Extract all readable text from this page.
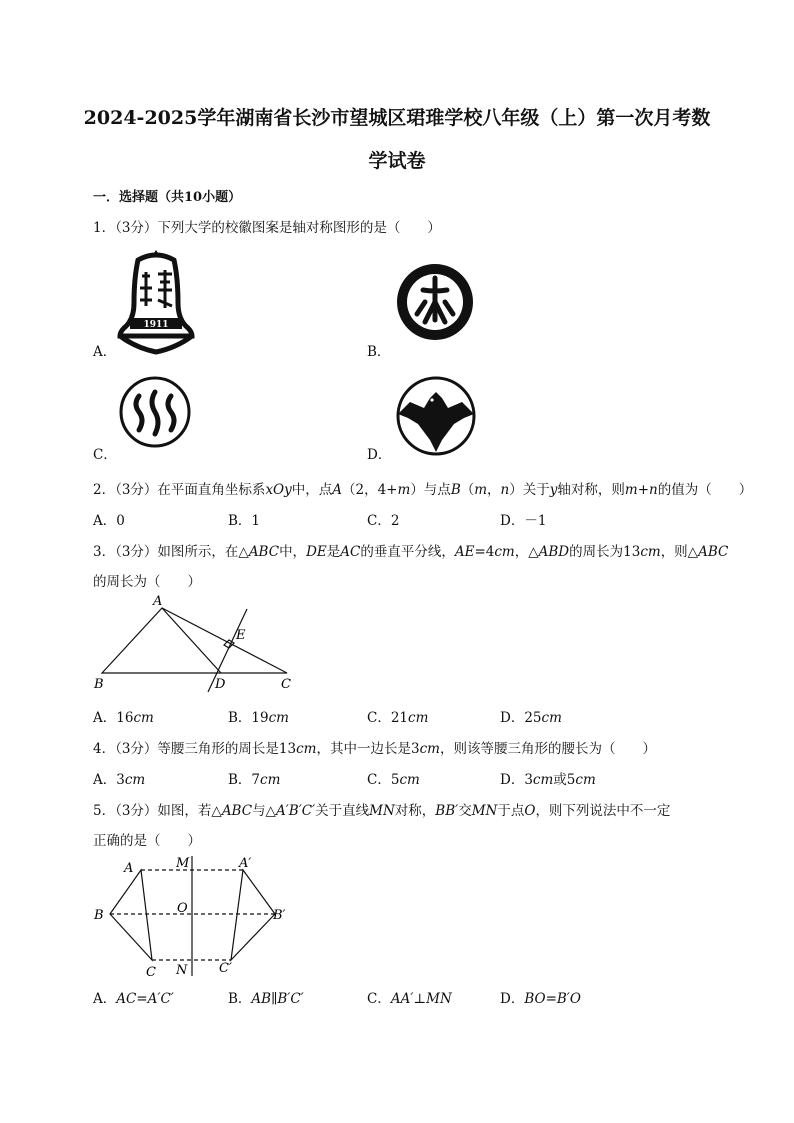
2024-2025学年湖南省长沙市望城区珺琟学校八年级（上）第一次月考数
学试卷
一．选择题（共10小题）
1．（3分）下列大学的校徽图案是轴对称图形的是（　　）
A．
1911
B．
C．	D．
2．（3分）在平面直角坐标系xOy中，点A（2，4+m）与点B（m，n）关于y轴对称，则m+n的值为（　　）
A．0	B．1	C．2	D．－1
3．（3分）如图所示，在△ABC中，DE是AC的垂直平分线，AE=4cm，△ABD的周长为13cm，则△ABC
的周长为（　　）
A
B	C
D
E
A．16cm	B．19cm	C．21cm	D．25cm
4．（3分）等腰三角形的周长是13cm，其中一边长是3cm，则该等腰三角形的腰长为（　　）
A．3cm	B．7cm	C．5cm	D．3cm或5cm
5．（3分）如图，若△ABC与△A′B′C′关于直线MN对称，BB′交MN于点O，则下列说法中不一定
正确的是（　　）
A
B
C
M
N
O
A′
B′
C′
A．AC=A′C′	B．AB∥B′C′	C．AA′⊥MN	D．BO=B′O
